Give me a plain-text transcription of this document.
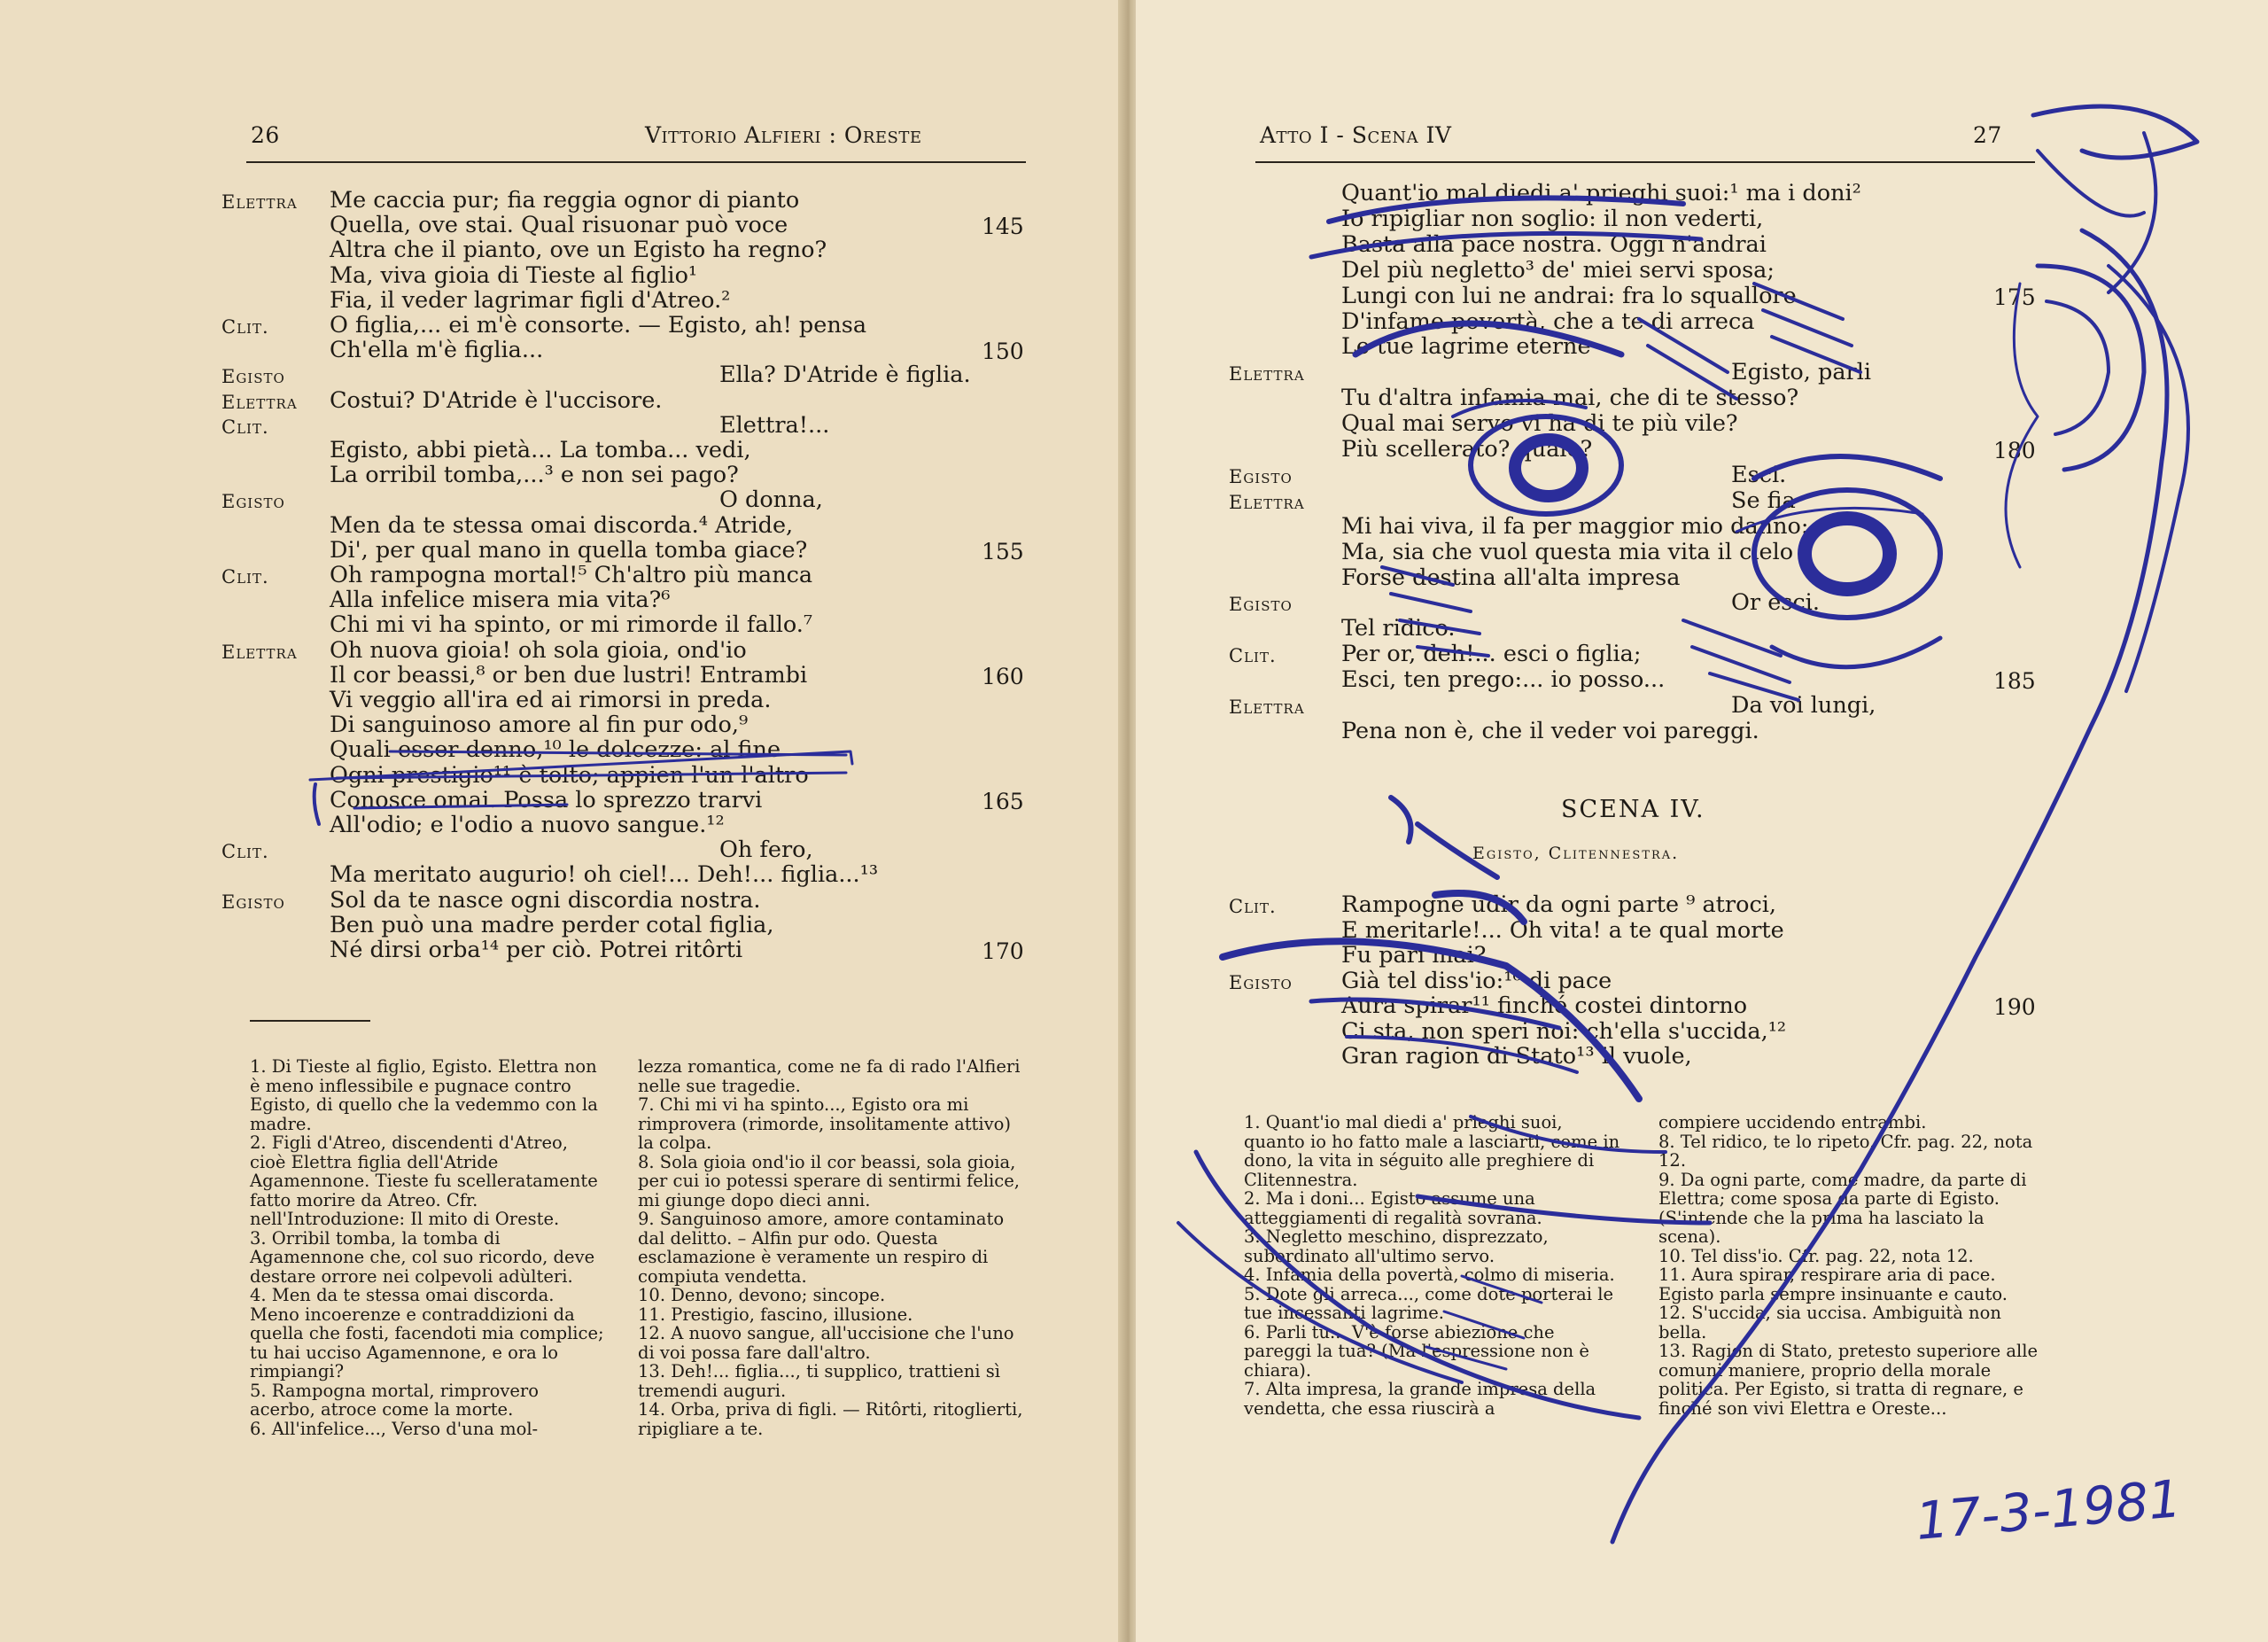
26	Vittorio Alfieri : Oreste
Elettra Me caccia pur; fia reggia ognor di pianto
Quella, ove stai. Qual risuonar può voce	145
Altra che il pianto, ove un Egisto ha regno?
Ma, viva gioia di Tieste al figlio¹
Fia, il veder lagrimar figli d'Atreo.²
Clit.	O figlia,... ei m'è consorte. — Egisto, ah! pensa
Ch'ella m'è figlia...	150
Egisto	Ella? D'Atride è figlia.
Elettra Costui? D'Atride è l'uccisore.
Clit.	Elettra!...
Egisto, abbi pietà... La tomba... vedi,
La orribil tomba,...³ e non sei pago?
Egisto	O donna,
Men da te stessa omai discorda.⁴ Atride,
Di', per qual mano in quella tomba giace?	155
Clit.	Oh rampogna mortal!⁵ Ch'altro più manca
Alla infelice misera mia vita?⁶
Chi mi vi ha spinto, or mi rimorde il fallo.⁷
Elettra Oh nuova gioia! oh sola gioia, ond'io
Il cor beassi,⁸ or ben due lustri! Entrambi	160
Vi veggio all'ira ed ai rimorsi in preda.
Di sanguinoso amore al fin pur odo,⁹
Quali esser denno,¹⁰ le dolcezze: al fine
Ogni prestigio¹¹ è tolto; appien l'un l'altro
Conosce omai. Possa lo sprezzo trarvi	165
All'odio; e l'odio a nuovo sangue.¹²
Clit.	Oh fero,
Ma meritato augurio! oh ciel!... Deh!... figlia...¹³
Egisto Sol da te nasce ogni discordia nostra.
Ben può una madre perder cotal figlia,
Né dirsi orba¹⁴ per ciò. Potrei ritôrti	170

1. Di Tieste al figlio, Egisto. Elettra non è meno inflessibile e pugnace contro Egisto, di quello che la vedemmo con la madre.

2. Figli d'Atreo, discendenti d'Atreo, cioè Elettra figlia dell'Atride Agamennone. Tieste fu scelleratamente fatto morire da Atreo. Cfr. nell'Introduzione: Il mito di Oreste.

3. Orribil tomba, la tomba di Agamennone che, col suo ricordo, deve destare orrore nei colpevoli adùlteri.

4. Men da te stessa omai discorda. Meno incoerenze e contraddizioni da quella che fosti, facendoti mia complice; tu hai ucciso Agamennone, e ora lo rimpiangi?

5. Rampogna mortal, rimprovero acerbo, atroce come la morte.

6. All'infelice..., Verso d'una mol-

lezza romantica, come ne fa di rado l'Alfieri nelle sue tragedie.

7. Chi mi vi ha spinto..., Egisto ora mi rimprovera (rimorde, insolitamente attivo) la colpa.

8. Sola gioia ond'io il cor beassi, sola gioia, per cui io potessi sperare di sentirmi felice, mi giunge dopo dieci anni.

9. Sanguinoso amore, amore contaminato dal delitto. – Alfin pur odo. Questa esclamazione è veramente un respiro di compiuta vendetta.

10. Denno, devono; sincope.

11. Prestigio, fascino, illusione.

12. A nuovo sangue, all'uccisione che l'uno di voi possa fare dall'altro.

13. Deh!... figlia..., ti supplico, trattieni sì tremendi auguri.

14. Orba, priva di figli. — Ritôrti, ritoglierti, ripigliare a te.

Atto I - Scena IV	27
Quant'io mal diedi a' prieghi suoi:¹ ma i doni²
Io ripigliar non soglio: il non vederti,
Basta alla pace nostra. Oggi n'andrai
Del più negletto³ de' miei servi sposa;
Lungi con lui ne andrai: fra lo squallore	175
D'infame povertà, che a te di arreca
Le tue lagrime eterne
Elettra	Egisto, parli
Tu d'altra infamia mai, che di te stesso?
Qual mai servo vi ha di te più vile?
Più scellerato? quale?	180
Egisto	Esci.
Elettra	Se fia
Mi hai viva, il fa per maggior mio danno:
Ma, sia che vuol questa mia vita il cielo
Forse destina all'alta impresa
Egisto	Or esci.
Tel ridico.
Clit.	Per or, deh!... esci o figlia;
Esci, ten prego:... io posso...	185
Elettra	Da voi lungi,
Pena non è, che il veder voi pareggi.
SCENA IV.
Egisto, Clitennestra.
Clit.	Rampogne udir da ogni parte ⁹ atroci,
E meritarle!... Oh vita! a te qual morte
Fu pari mai?
Egisto Già tel diss'io:¹⁰ di pace
Aura spirar¹¹ finché costei dintorno	190
Ci sta, non speri noi: ch'ella s'uccida,¹²
Gran ragion di Stato¹³ il vuole,

1. Quant'io mal diedi a' prieghi suoi, quanto io ho fatto male a lasciarti, come in dono, la vita in séguito alle preghiere di Clitennestra.

2. Ma i doni... Egisto assume una atteggiamenti di regalità sovrana.

3. Negletto meschino, disprezzato, subordinato all'ultimo servo.

4. Infamia della povertà, colmo di miseria.

5. Dote gli arreca..., come dote porterai le tue incessanti lagrime.

6. Parli tu... V'è forse abiezione che pareggi la tua? (Ma l'espressione non è chiara).

7. Alta impresa, la grande impresa della vendetta, che essa riuscirà a

compiere uccidendo entrambi.

8. Tel ridico, te lo ripeto. Cfr. pag. 22, nota 12.

9. Da ogni parte, come madre, da parte di Elettra; come sposa da parte di Egisto. (S'intende che la prima ha lasciato la scena).

10. Tel diss'io. Cfr. pag. 22, nota 12.

11. Aura spirar, respirare aria di pace. Egisto parla sempre insinuante e cauto.

12. S'uccida, sia uccisa. Ambiguità non bella.

13. Ragion di Stato, pretesto superiore alle comuni maniere, proprio della morale politica. Per Egisto, si tratta di regnare, e finché son vivi Elettra e Oreste...

17-3-1981
